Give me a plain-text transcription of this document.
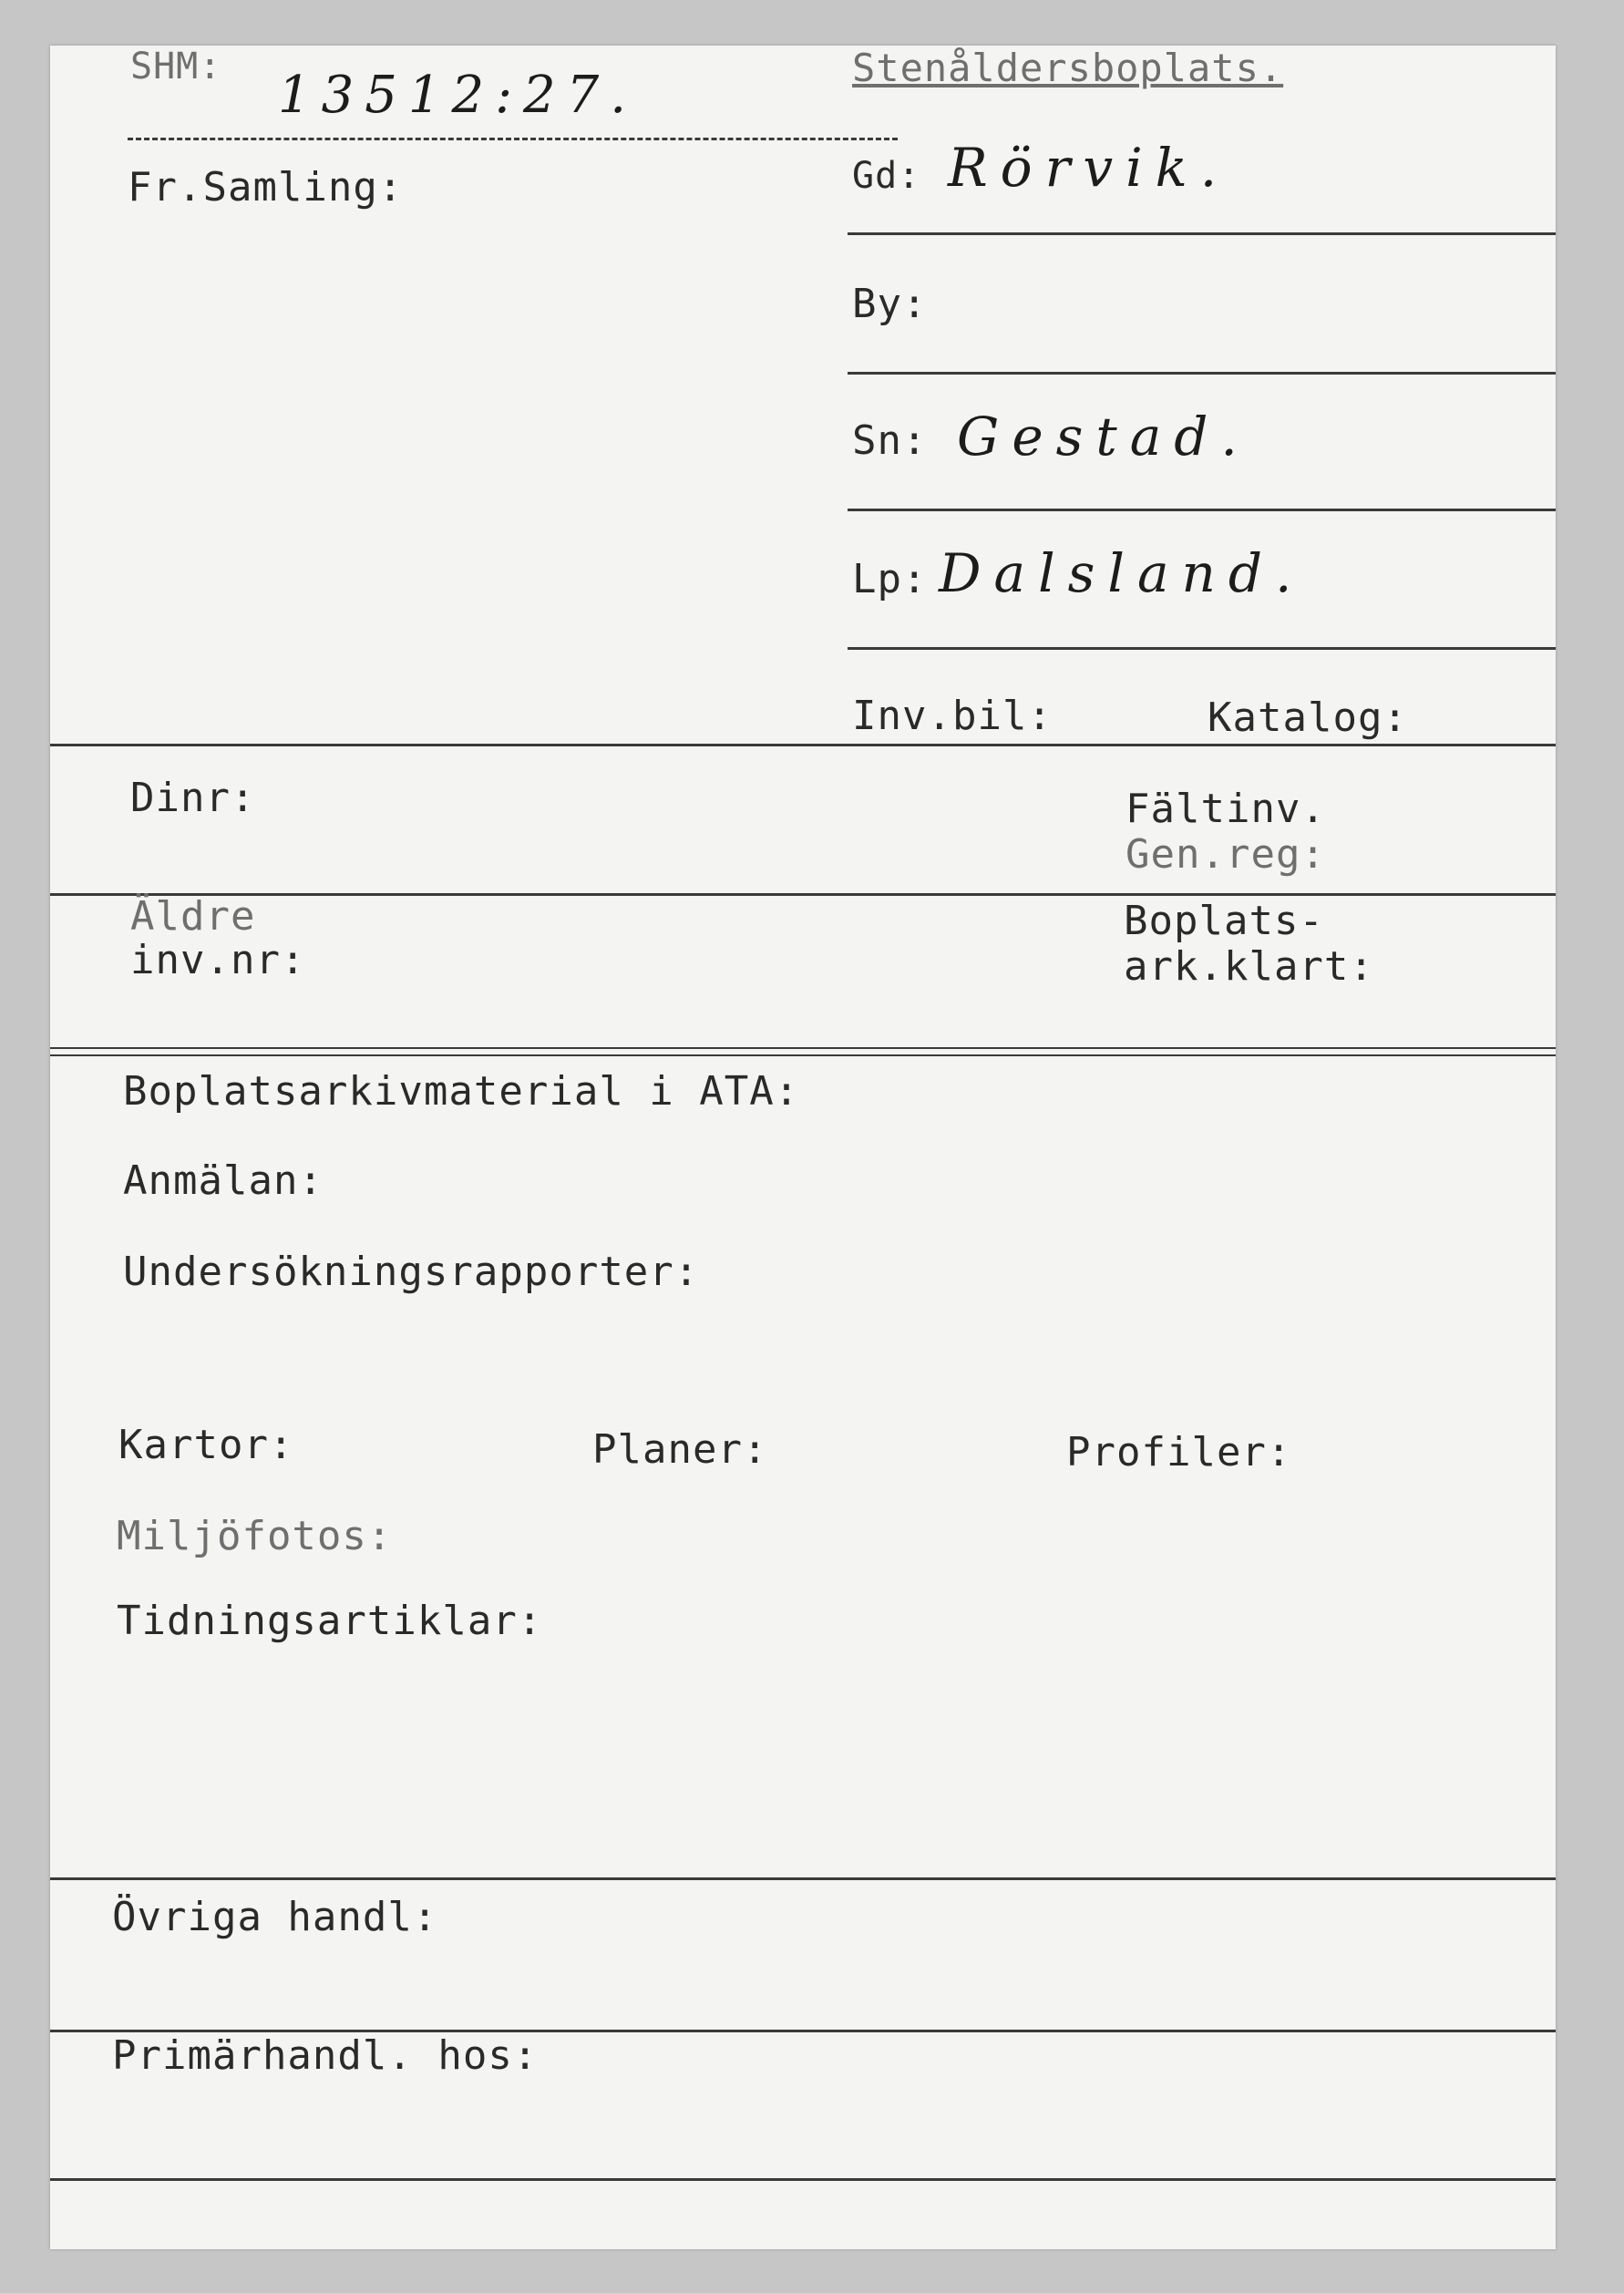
SHM: 13512:27.
Fr.Samling:
Stenåldersboplats.
Gd: Rörvik.
By:
Sn: Gestad.
Lp: Dalsland.
Inv.bil:	Katalog:
Dinr:	Fältinv.
Gen.reg:
Äldre
inv.nr:
Boplats-
ark.klart:
Boplatsarkivmaterial i ATA:
Anmälan:
Undersökningsrapporter:
Kartor:	Planer:	Profiler:
Miljöfotos:
Tidningsartiklar:
Övriga handl:
Primärhandl. hos:
